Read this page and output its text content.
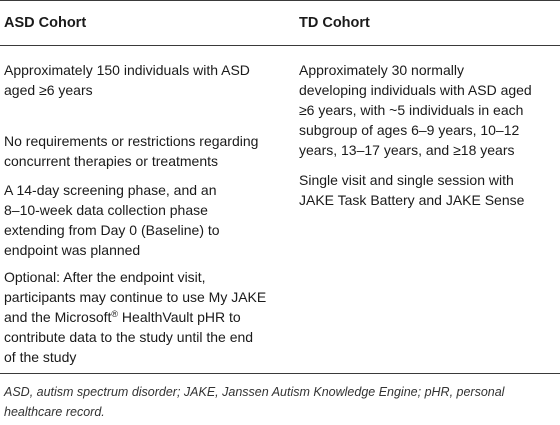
ASD Cohort	TD Cohort
Approximately 150 individuals with ASD
aged ≥6 years
No requirements or restrictions regarding
concurrent therapies or treatments
A 14-day screening phase, and an
8–10-week data collection phase
extending from Day 0 (Baseline) to
endpoint was planned
Optional: After the endpoint visit,
participants may continue to use My JAKE
and the Microsoft® HealthVault pHR to
contribute data to the study until the end
of the study
Approximately 30 normally
developing individuals with ASD aged
≥6 years, with ~5 individuals in each
subgroup of ages 6–9 years, 10–12
years, 13–17 years, and ≥18 years
Single visit and single session with
JAKE Task Battery and JAKE Sense
ASD, autism spectrum disorder; JAKE, Janssen Autism Knowledge Engine; pHR, personal healthcare record.
